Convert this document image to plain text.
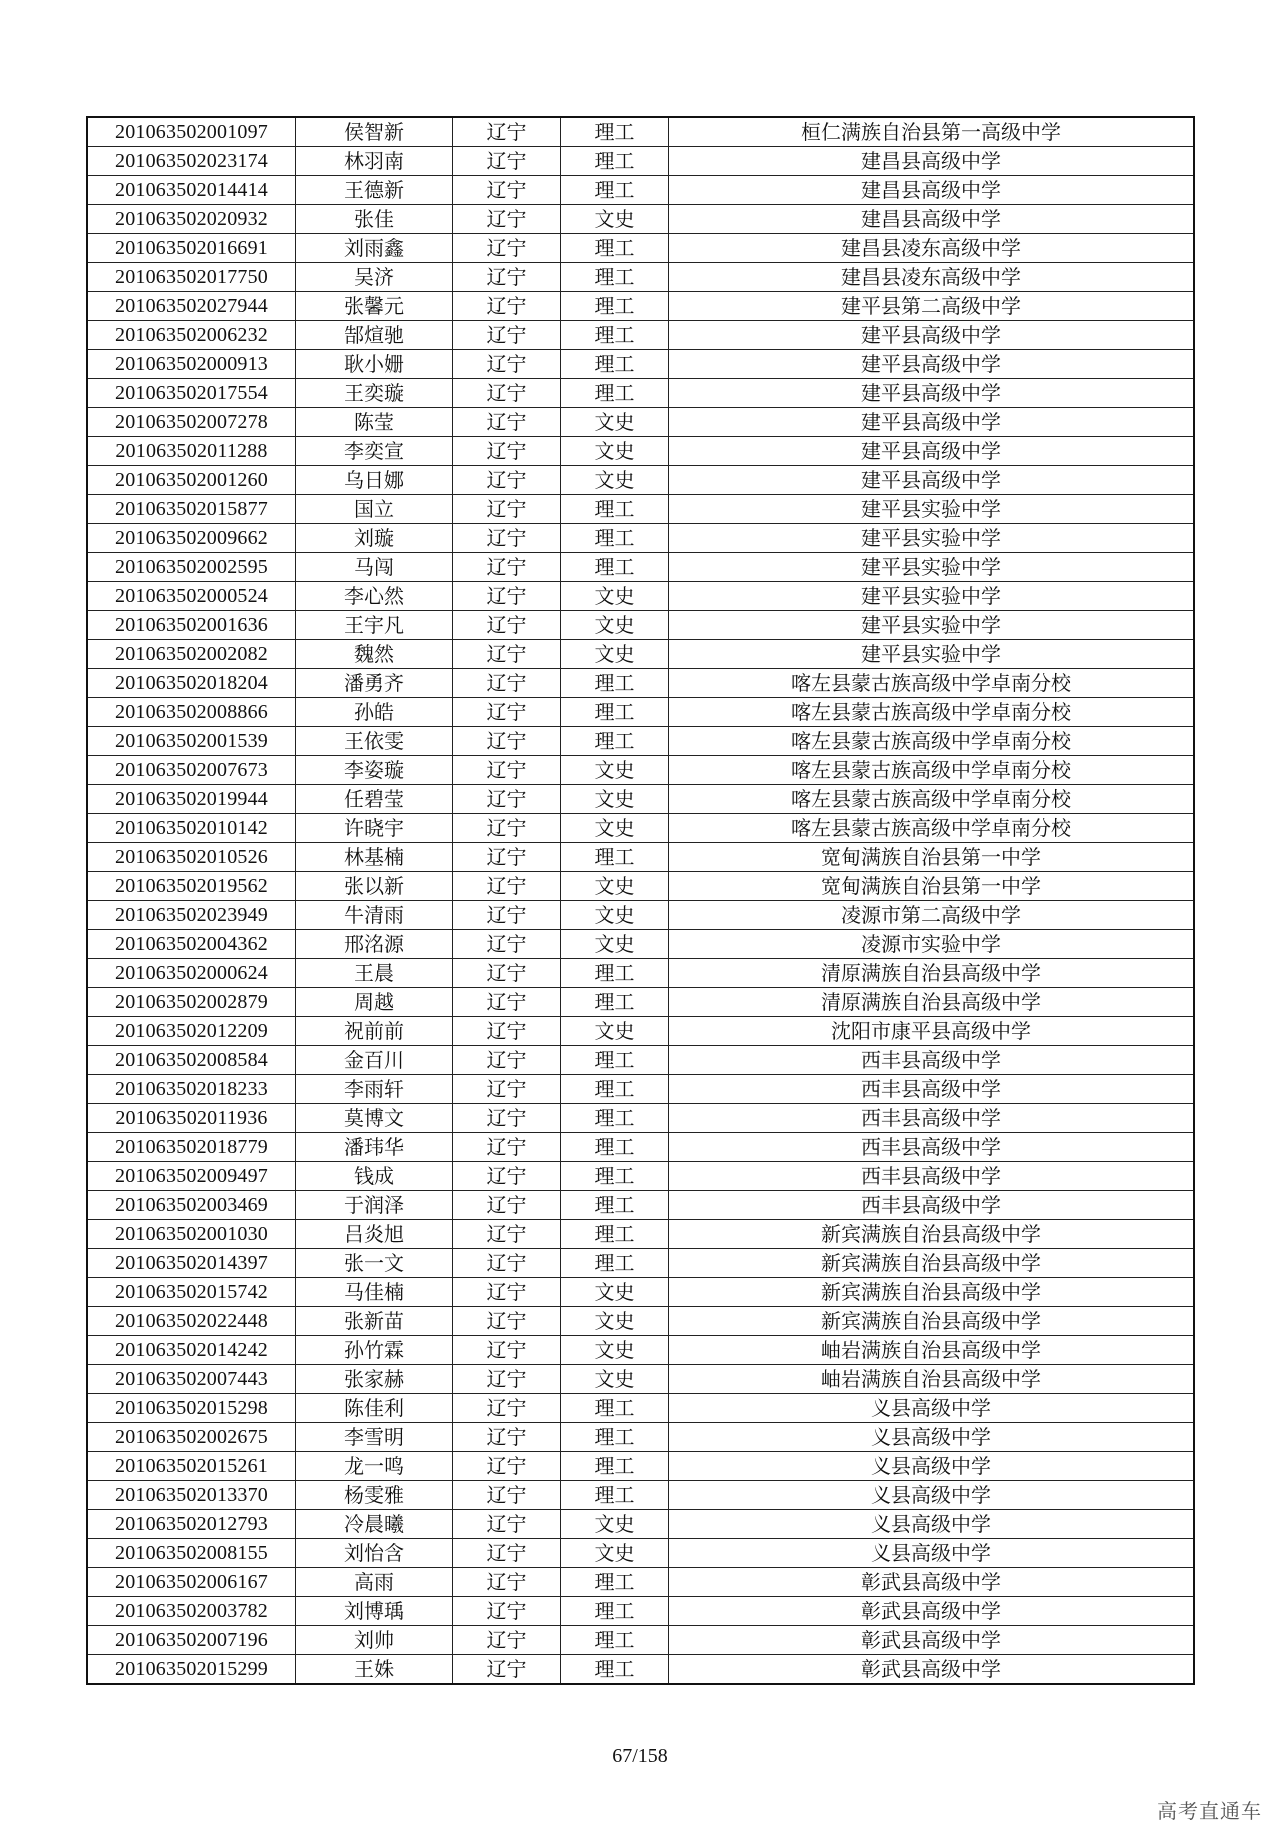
201063502001097	侯智新	辽宁	理工	桓仁满族自治县第一高级中学
201063502023174	林羽南	辽宁	理工	建昌县高级中学
201063502014414	王德新	辽宁	理工	建昌县高级中学
201063502020932	张佳	辽宁	文史	建昌县高级中学
201063502016691	刘雨鑫	辽宁	理工	建昌县凌东高级中学
201063502017750	吴济	辽宁	理工	建昌县凌东高级中学
201063502027944	张馨元	辽宁	理工	建平县第二高级中学
201063502006232	郜煊驰	辽宁	理工	建平县高级中学
201063502000913	耿小姗	辽宁	理工	建平县高级中学
201063502017554	王奕璇	辽宁	理工	建平县高级中学
201063502007278	陈莹	辽宁	文史	建平县高级中学
201063502011288	李奕宣	辽宁	文史	建平县高级中学
201063502001260	乌日娜	辽宁	文史	建平县高级中学
201063502015877	国立	辽宁	理工	建平县实验中学
201063502009662	刘璇	辽宁	理工	建平县实验中学
201063502002595	马闯	辽宁	理工	建平县实验中学
201063502000524	李心然	辽宁	文史	建平县实验中学
201063502001636	王宇凡	辽宁	文史	建平县实验中学
201063502002082	魏然	辽宁	文史	建平县实验中学
201063502018204	潘勇齐	辽宁	理工	喀左县蒙古族高级中学卓南分校
201063502008866	孙皓	辽宁	理工	喀左县蒙古族高级中学卓南分校
201063502001539	王依雯	辽宁	理工	喀左县蒙古族高级中学卓南分校
201063502007673	李姿璇	辽宁	文史	喀左县蒙古族高级中学卓南分校
201063502019944	任碧莹	辽宁	文史	喀左县蒙古族高级中学卓南分校
201063502010142	许晓宇	辽宁	文史	喀左县蒙古族高级中学卓南分校
201063502010526	林基楠	辽宁	理工	宽甸满族自治县第一中学
201063502019562	张以新	辽宁	文史	宽甸满族自治县第一中学
201063502023949	牛清雨	辽宁	文史	凌源市第二高级中学
201063502004362	邢洺源	辽宁	文史	凌源市实验中学
201063502000624	王晨	辽宁	理工	清原满族自治县高级中学
201063502002879	周越	辽宁	理工	清原满族自治县高级中学
201063502012209	祝前前	辽宁	文史	沈阳市康平县高级中学
201063502008584	金百川	辽宁	理工	西丰县高级中学
201063502018233	李雨轩	辽宁	理工	西丰县高级中学
201063502011936	莫博文	辽宁	理工	西丰县高级中学
201063502018779	潘玮华	辽宁	理工	西丰县高级中学
201063502009497	钱成	辽宁	理工	西丰县高级中学
201063502003469	于润泽	辽宁	理工	西丰县高级中学
201063502001030	吕炎旭	辽宁	理工	新宾满族自治县高级中学
201063502014397	张一文	辽宁	理工	新宾满族自治县高级中学
201063502015742	马佳楠	辽宁	文史	新宾满族自治县高级中学
201063502022448	张新苗	辽宁	文史	新宾满族自治县高级中学
201063502014242	孙竹霖	辽宁	文史	岫岩满族自治县高级中学
201063502007443	张家赫	辽宁	文史	岫岩满族自治县高级中学
201063502015298	陈佳利	辽宁	理工	义县高级中学
201063502002675	李雪明	辽宁	理工	义县高级中学
201063502015261	龙一鸣	辽宁	理工	义县高级中学
201063502013370	杨雯雅	辽宁	理工	义县高级中学
201063502012793	冷晨曦	辽宁	文史	义县高级中学
201063502008155	刘怡含	辽宁	文史	义县高级中学
201063502006167	高雨	辽宁	理工	彰武县高级中学
201063502003782	刘博瑀	辽宁	理工	彰武县高级中学
201063502007196	刘帅	辽宁	理工	彰武县高级中学
201063502015299	王姝	辽宁	理工	彰武县高级中学
67/158
高考直通车
